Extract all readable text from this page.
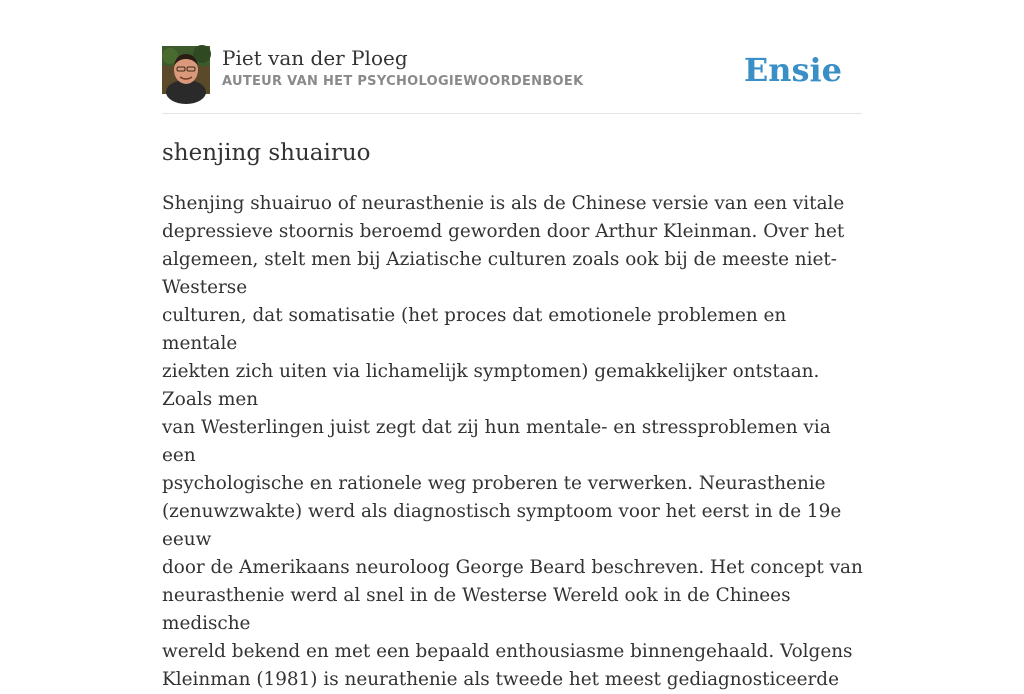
Piet van der Ploeg
AUTEUR VAN HET PSYCHOLOGIEWOORDENBOEK	Ensie
shenjing shuairuo
Shenjing shuairuo of neurasthenie is als de Chinese versie van een vitale
depressieve stoornis beroemd geworden door Arthur Kleinman. Over het
algemeen, stelt men bij Aziatische culturen zoals ook bij de meeste niet-Westerse
culturen, dat somatisatie (het proces dat emotionele problemen en mentale
ziekten zich uiten via lichamelijk symptomen) gemakkelijker ontstaan. Zoals men
van Westerlingen juist zegt dat zij hun mentale- en stressproblemen via een
psychologische en rationele weg proberen te verwerken. Neurasthenie
(zenuwzwakte) werd als diagnostisch symptoom voor het eerst in de 19e eeuw
door de Amerikaans neuroloog George Beard beschreven. Het concept van
neurasthenie werd al snel in de Westerse Wereld ook in de Chinees medische
wereld bekend en met een bepaald enthousiasme binnengehaald. Volgens
Kleinman (1981) is neurathenie als tweede het meest gediagnosticeerde
